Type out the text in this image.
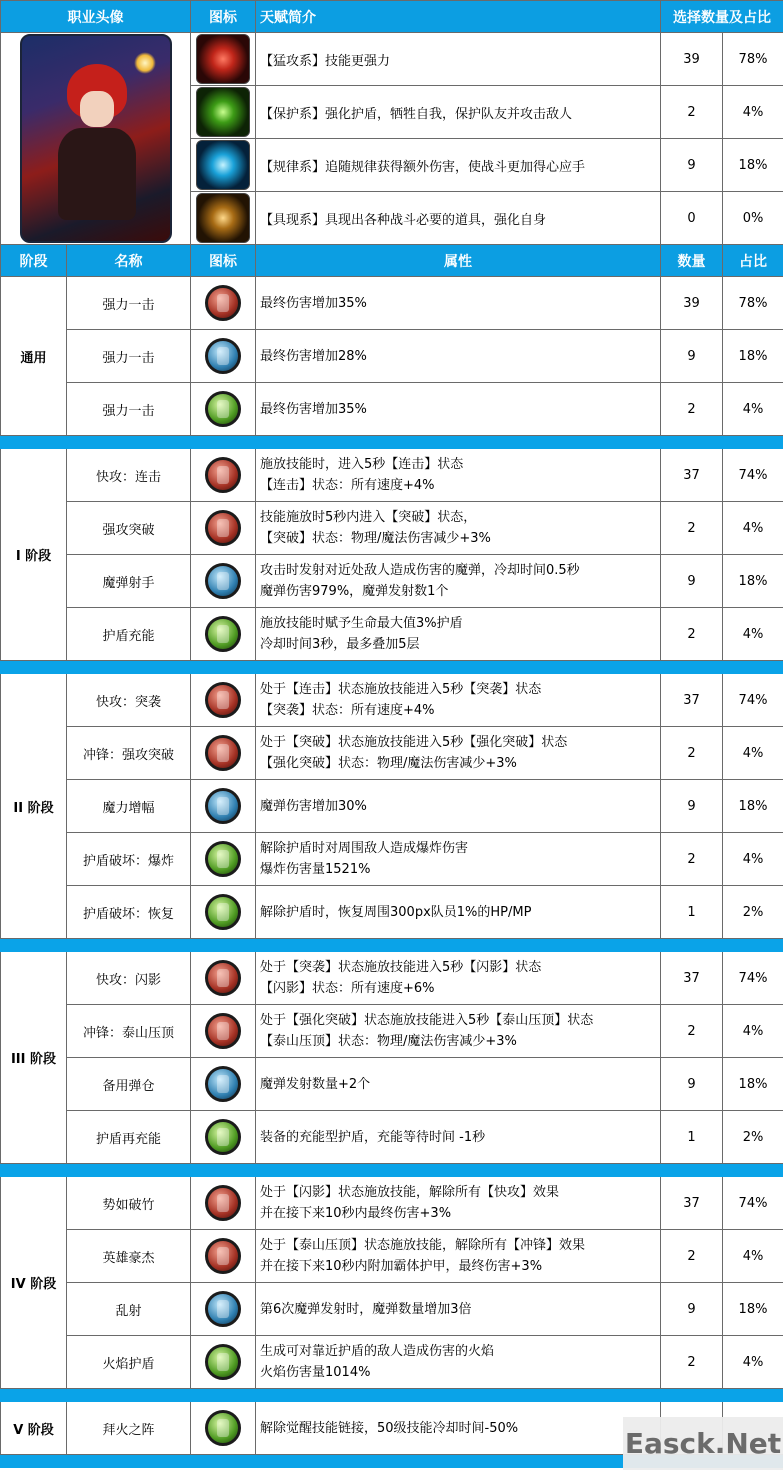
职业头像		图标	天赋简介	选择数量及占比	

			【猛攻系】技能更强力	39	78%
			【保护系】强化护盾，牺牲自我，保护队友并攻击敌人	2	4%
			【规律系】追随规律获得额外伤害，使战斗更加得心应手	9	18%
			【具现系】具现出各种战斗必要的道具，强化自身	0	0%
阶段	名称	图标	属性	数量	占比
通用	强力一击		最终伤害增加35%	39	78%
	强力一击		最终伤害增加28%	9	18%
	强力一击		最终伤害增加35%	2	4%

I 阶段	快攻：连击		施放技能时，进入5秒【连击】状态
【连击】状态：所有速度+4%	37	74%
	强攻突破		技能施放时5秒内进入【突破】状态，
【突破】状态：物理/魔法伤害减少+3%	2	4%
	魔弹射手		攻击时发射对近处敌人造成伤害的魔弹，冷却时间0.5秒
魔弹伤害979%，魔弹发射数1个	9	18%
	护盾充能		施放技能时赋予生命最大值3%护盾
冷却时间3秒，最多叠加5层	2	4%

II 阶段	快攻：突袭		处于【连击】状态施放技能进入5秒【突袭】状态
【突袭】状态：所有速度+4%	37	74%
	冲锋：强攻突破		处于【突破】状态施放技能进入5秒【强化突破】状态
【强化突破】状态：物理/魔法伤害减少+3%	2	4%
	魔力增幅		魔弹伤害增加30%	9	18%
	护盾破坏：爆炸		解除护盾时对周围敌人造成爆炸伤害
爆炸伤害量1521%	2	4%
	护盾破坏：恢复		解除护盾时，恢复周围300px队员1%的HP/MP	1	2%

III 阶段	快攻：闪影		处于【突袭】状态施放技能进入5秒【闪影】状态
【闪影】状态：所有速度+6%	37	74%
	冲锋：泰山压顶		处于【强化突破】状态施放技能进入5秒【泰山压顶】状态
【泰山压顶】状态：物理/魔法伤害减少+3%	2	4%
	备用弹仓		魔弹发射数量+2个	9	18%
	护盾再充能		装备的充能型护盾，充能等待时间 -1秒	1	2%

IV 阶段	势如破竹		处于【闪影】状态施放技能，解除所有【快攻】效果
并在接下来10秒内最终伤害+3%	37	74%
	英雄豪杰		处于【泰山压顶】状态施放技能，解除所有【冲锋】效果
并在接下来10秒内附加霸体护甲，最终伤害+3%	2	4%
	乱射		第6次魔弹发射时，魔弹数量增加3倍	9	18%
	火焰护盾		生成可对靠近护盾的敌人造成伤害的火焰
火焰伤害量1014%	2	4%

V 阶段	拜火之阵		解除觉醒技能链接，50级技能冷却时间-50%		
			Easck.Net
